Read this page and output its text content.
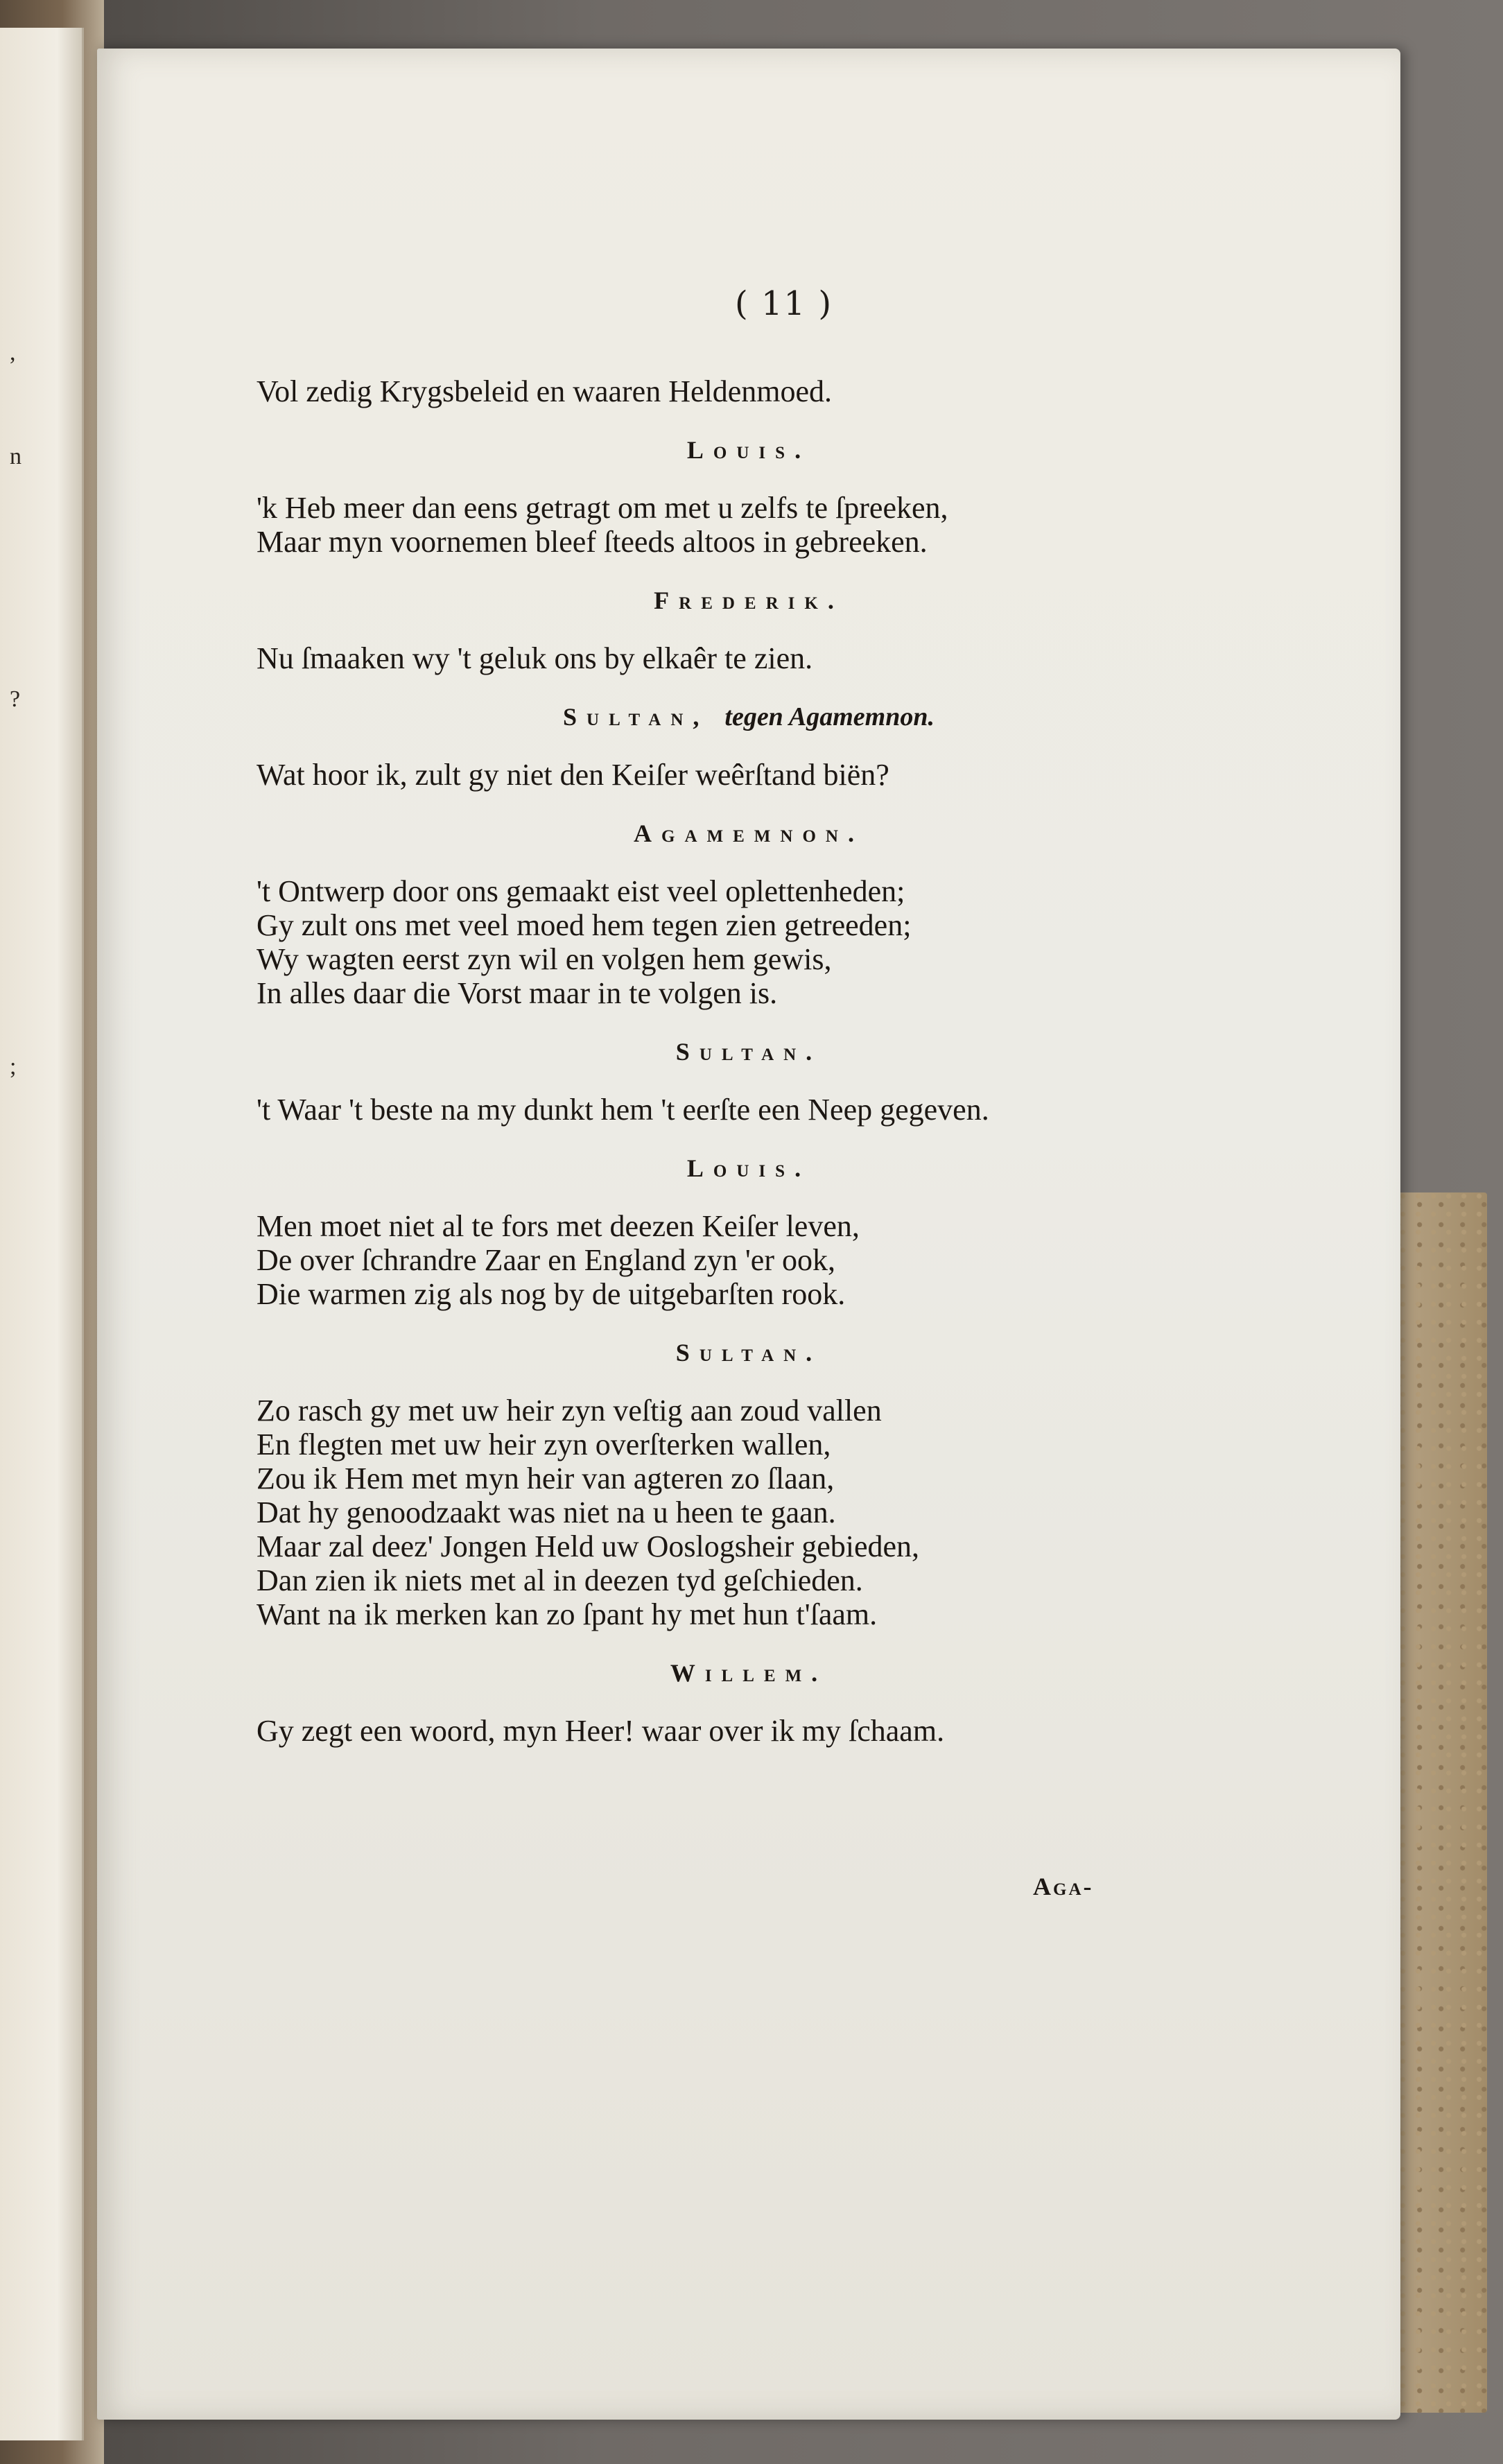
,
n
?
;
( 11 )
Vol zedig Krygsbeleid en waaren Heldenmoed.
Louis.
'k Heb meer dan eens getragt om met u zelfs te ſpreeken,
Maar myn voornemen bleef ſteeds altoos in gebreeken.
Frederik.
Nu ſmaaken wy 't geluk ons by elkaêr te zien.
Sultan, tegen Agamemnon.
Wat hoor ik, zult gy niet den Keiſer weêrſtand biën?
Agamemnon.
't Ontwerp door ons gemaakt eist veel oplettenheden;
Gy zult ons met veel moed hem tegen zien getreeden;
Wy wagten eerst zyn wil en volgen hem gewis,
In alles daar die Vorst maar in te volgen is.
Sultan.
't Waar 't beste na my dunkt hem 't eerſte een Neep gegeven.
Louis.
Men moet niet al te fors met deezen Keiſer leven,
De over ſchrandre Zaar en England zyn 'er ook,
Die warmen zig als nog by de uitgebarſten rook.
Sultan.
Zo rasch gy met uw heir zyn veſtig aan zoud vallen
En flegten met uw heir zyn overſterken wallen,
Zou ik Hem met myn heir van agteren zo ſlaan,
Dat hy genoodzaakt was niet na u heen te gaan.
Maar zal deez' Jongen Held uw Ooslogsheir gebieden,
Dan zien ik niets met al in deezen tyd geſchieden.
Want na ik merken kan zo ſpant hy met hun t'ſaam.
Willem.
Gy zegt een woord, myn Heer! waar over ik my ſchaam.
Aga-
